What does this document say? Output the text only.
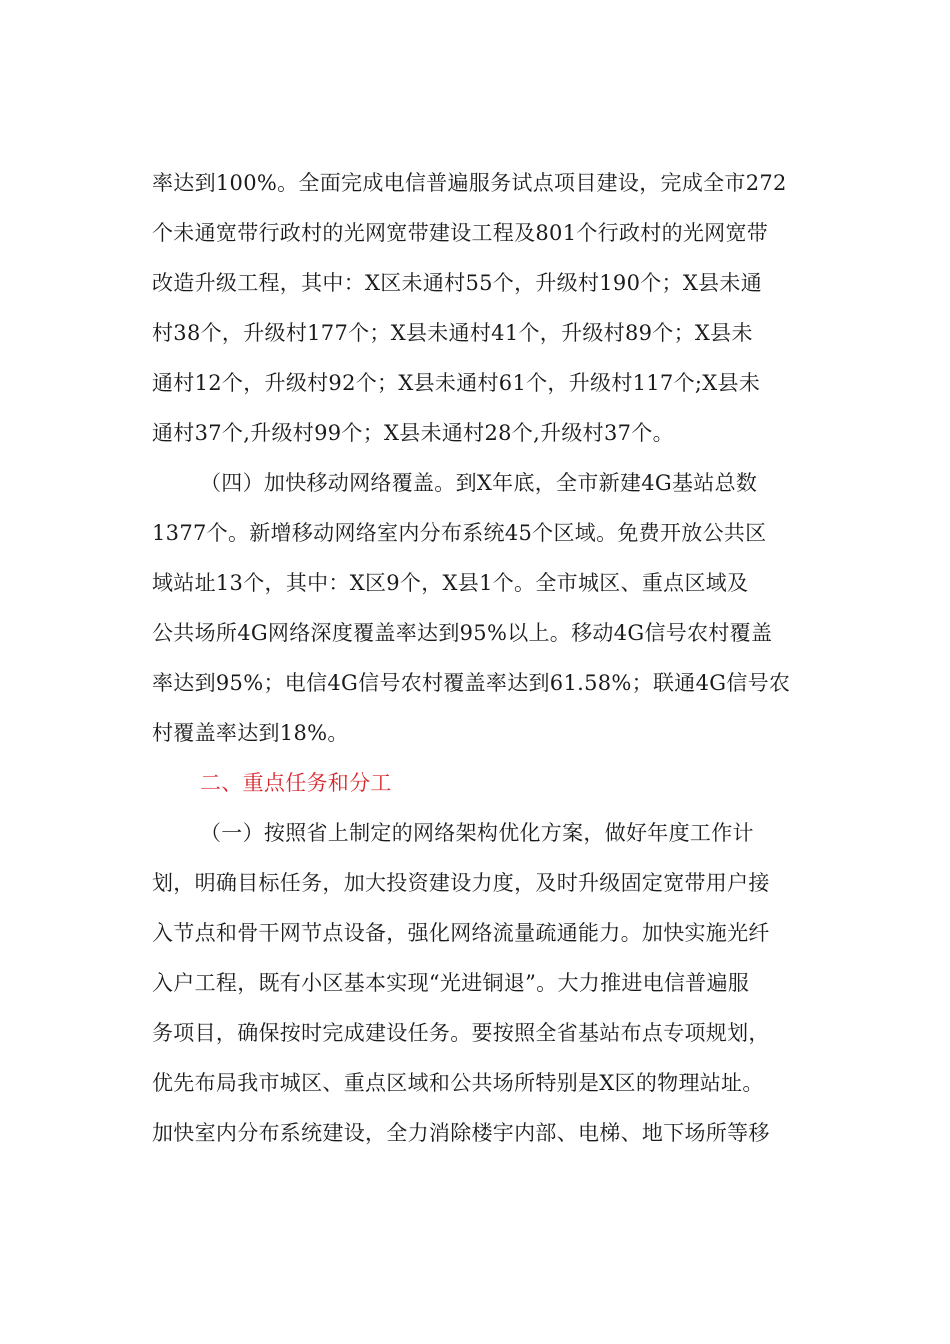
率达到100%。全面完成电信普遍服务试点项目建设，完成全市272
个未通宽带行政村的光网宽带建设工程及801个行政村的光网宽带
改造升级工程，其中：X区未通村55个，升级村190个；X县未通
村38个，升级村177个；X县未通村41个，升级村89个；X县未
通村12个，升级村92个；X县未通村61个，升级村117个;X县未
通村37个,升级村99个；X县未通村28个,升级村37个。
（四）加快移动网络覆盖。到X年底，全市新建4G基站总数
1377个。新增移动网络室内分布系统45个区域。免费开放公共区
域站址13个，其中：X区9个，X县1个。全市城区、重点区域及
公共场所4G网络深度覆盖率达到95%以上。移动4G信号农村覆盖
率达到95%；电信4G信号农村覆盖率达到61.58%；联通4G信号农
村覆盖率达到18%。
二、重点任务和分工
（一）按照省上制定的网络架构优化方案，做好年度工作计
划，明确目标任务，加大投资建设力度，及时升级固定宽带用户接
入节点和骨干网节点设备，强化网络流量疏通能力。加快实施光纤
入户工程，既有小区基本实现“光进铜退”。大力推进电信普遍服
务项目，确保按时完成建设任务。要按照全省基站布点专项规划，
优先布局我市城区、重点区域和公共场所特别是X区的物理站址。
加快室内分布系统建设，全力消除楼宇内部、电梯、地下场所等移
